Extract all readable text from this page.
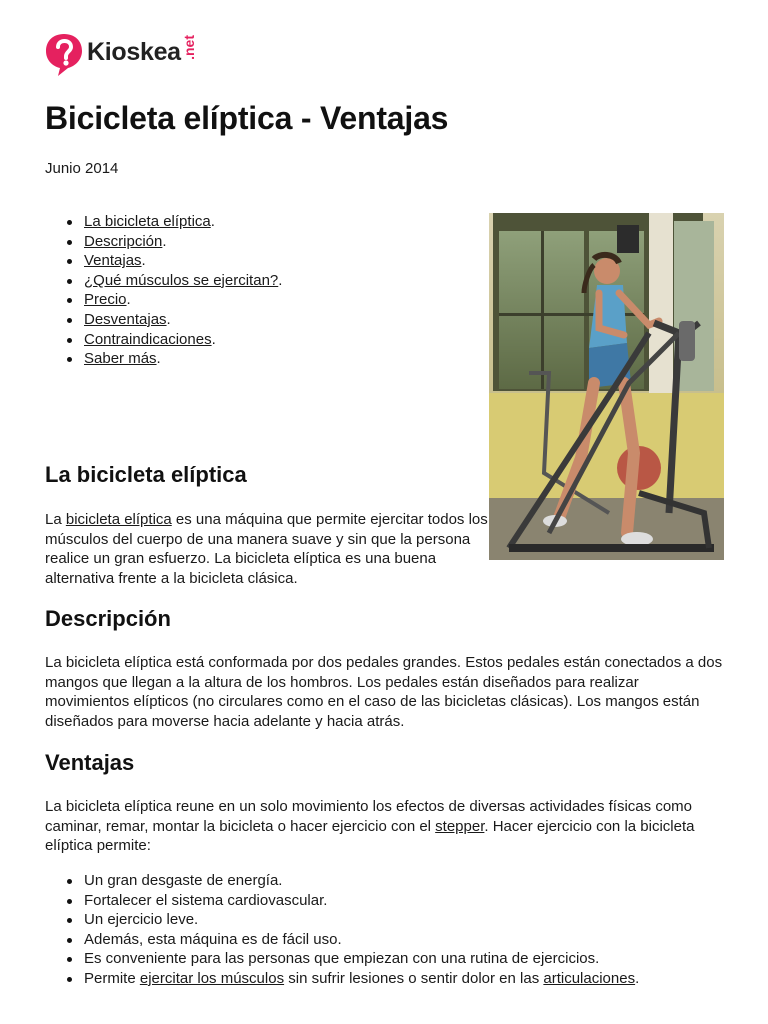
Kioskea .net
Bicicleta elíptica - Ventajas
Junio 2014
La bicicleta elíptica.
Descripción.
Ventajas.
¿Qué músculos se ejercitan?.
Precio.
Desventajas.
Contraindicaciones.
Saber más.
La bicicleta elíptica

La bicicleta elíptica es una máquina que permite ejercitar todos los músculos del cuerpo de una manera suave y sin que la persona realice un gran esfuerzo. La bicicleta elíptica es una buena alternativa frente a la bicicleta clásica.

Descripción

La bicicleta elíptica está conformada por dos pedales grandes. Estos pedales están conectados a dos mangos que llegan a la altura de los hombros. Los pedales están diseñados para realizar movimientos elípticos (no circulares como en el caso de las bicicletas clásicas). Los mangos están diseñados para moverse hacia adelante y hacia atrás.

Ventajas

La bicicleta elíptica reune en un solo movimiento los efectos de diversas actividades físicas como caminar, remar, montar la bicicleta o hacer ejercicio con el stepper. Hacer ejercicio con la bicicleta elíptica permite:

Un gran desgaste de energía.
Fortalecer el sistema cardiovascular.
Un ejercicio leve.
Además, esta máquina es de fácil uso.
Es conveniente para las personas que empiezan con una rutina de ejercicios.
Permite ejercitar los músculos sin sufrir lesiones o sentir dolor en las articulaciones.
